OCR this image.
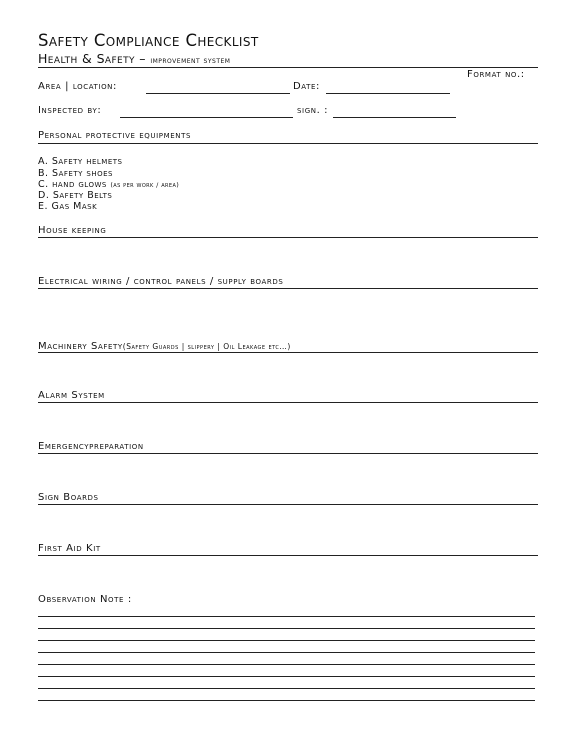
Safety Compliance Checklist
Health & Safety – improvement system
Format no.:
Area | location:	Date:
Inspected by:	sign. :
Personal protective equipments
A. Safety helmets
B. Safety shoes
C. hand glows (as per work / area)
D. Safety Belts
E. Gas Mask
House keeping
Electrical wiring / control panels / supply boards
Machinery Safety(Safety Guards | slippery | Oil Leakage etc…)
Alarm System
Emergencypreparation
Sign Boards
First Aid Kit
Observation Note :
